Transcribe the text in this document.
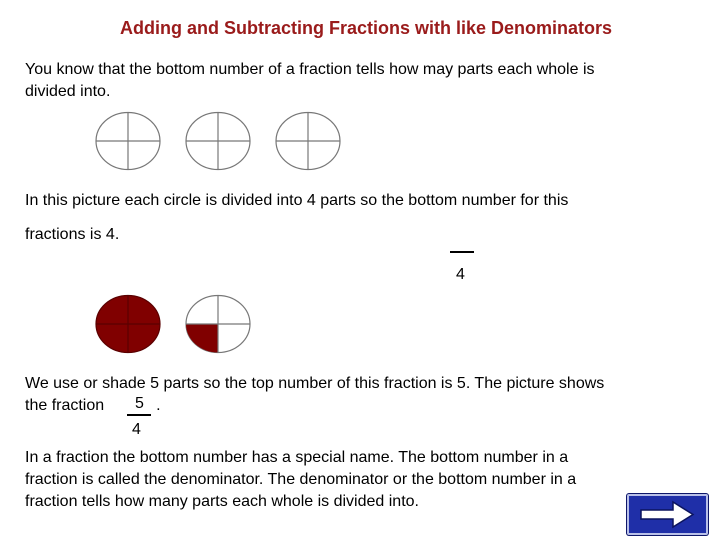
Adding and Subtracting Fractions with like Denominators
You know that the bottom number of a fraction tells how may parts each whole is
divided into.
In this picture each circle is divided into 4 parts so the bottom number for this
fractions is 4.
4
We use or shade 5 parts so the top number of this fraction is 5. The picture shows
the fraction	.
5
4
In a fraction the bottom number has a special name. The bottom number in a
fraction is called the denominator. The denominator or the bottom number in a
fraction tells how many parts each whole is divided into.
